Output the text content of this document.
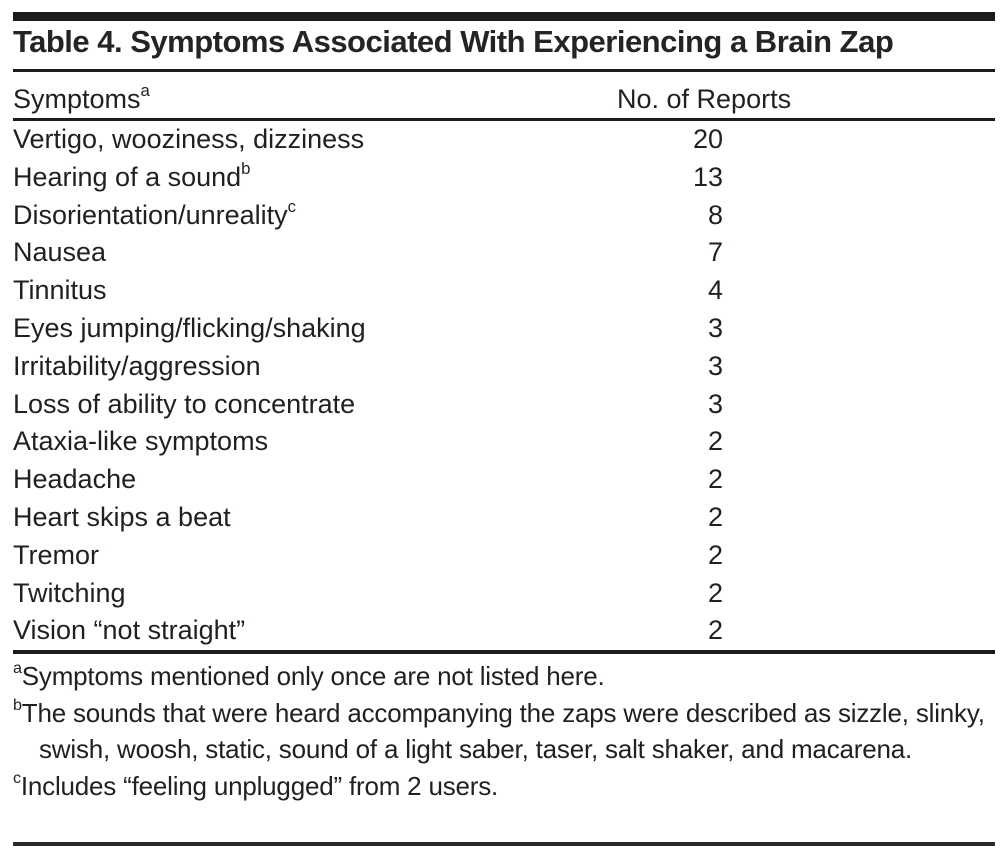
Table 4. Symptoms Associated With Experiencing a Brain Zap
Symptoms$^a$	No. of Reports
Vertigo, wooziness, dizziness	20
Hearing of a sound$^b$	13
Disorientation/unreality$^c$	8
Nausea	7
Tinnitus	4
Eyes jumping/flicking/shaking	3
Irritability/aggression	3
Loss of ability to concentrate	3
Ataxia-like symptoms	2
Headache	2
Heart skips a beat	2
Tremor	2
Twitching	2
Vision “not straight”	2
$^a$Symptoms mentioned only once are not listed here.
$^b$The sounds that were heard accompanying the zaps were described as sizzle, slinky, swish, woosh, static, sound of a light saber, taser, salt shaker, and macarena.
$^c$Includes “feeling unplugged” from 2 users.
